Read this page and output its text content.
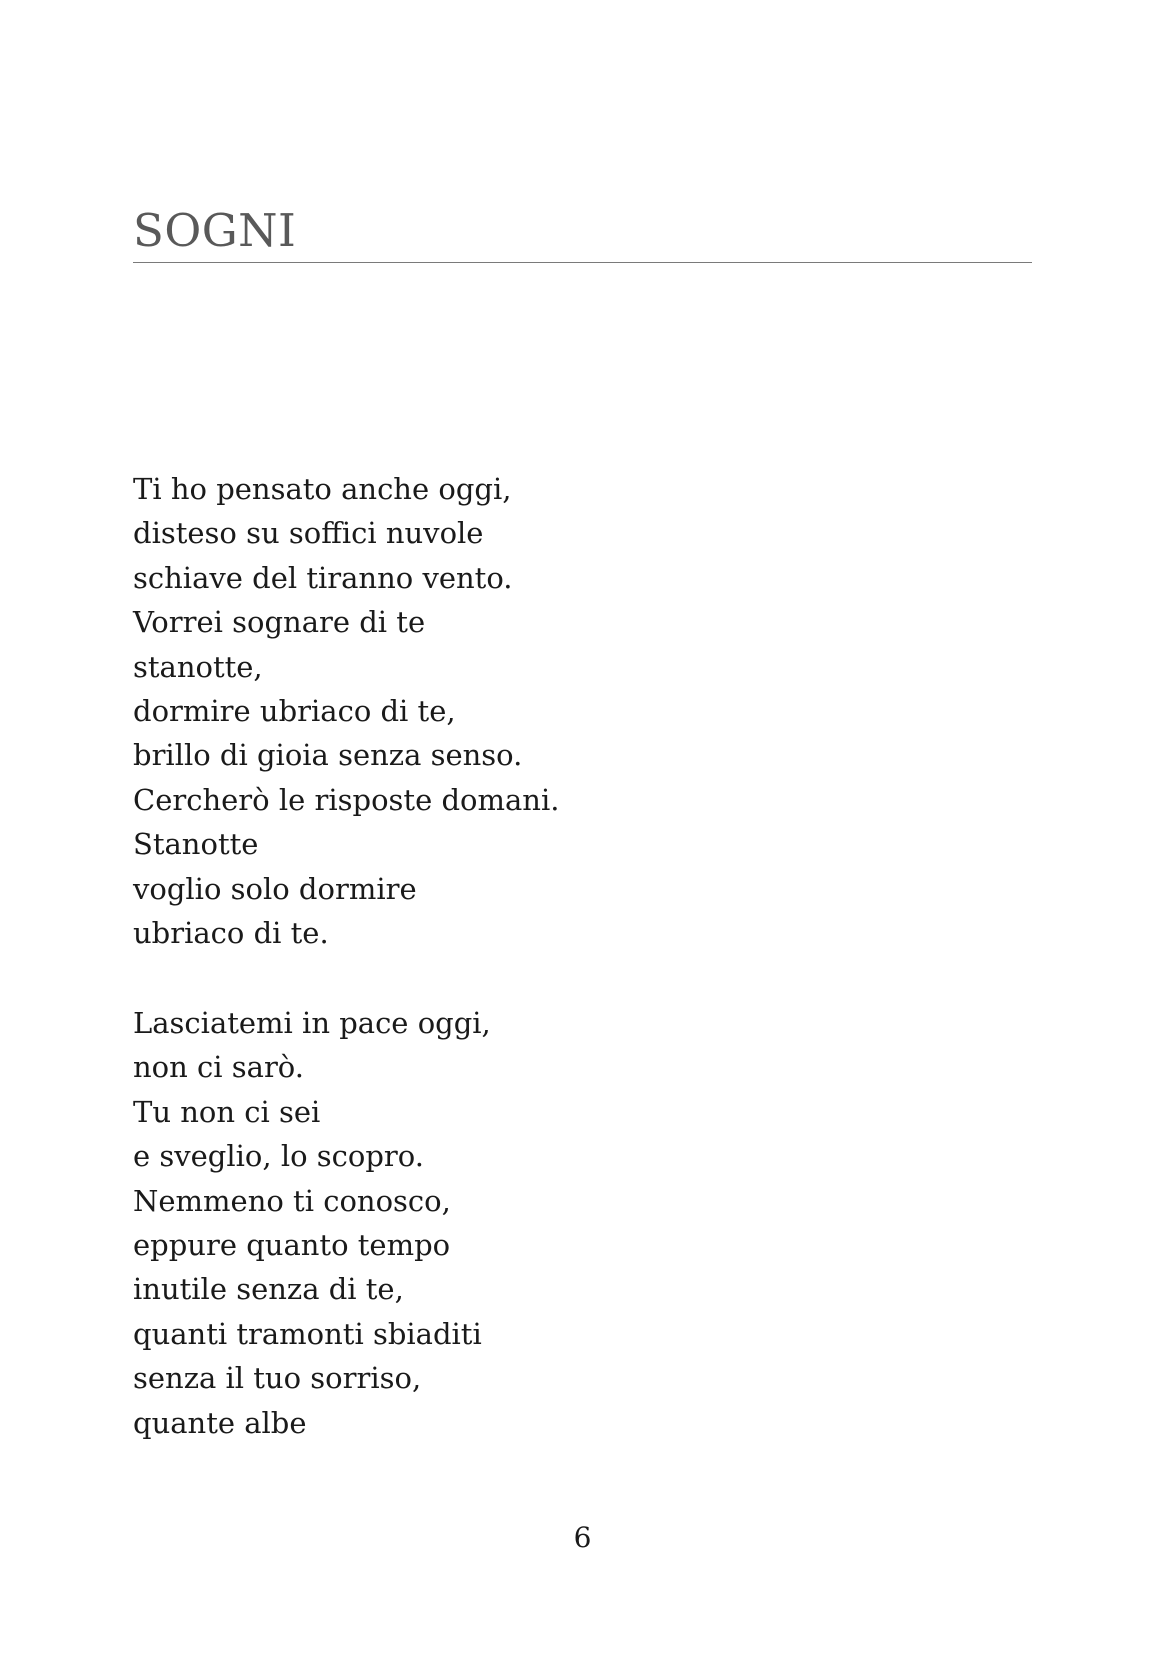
SOGNI
Ti ho pensato anche oggi,
disteso su soffici nuvole
schiave del tiranno vento.
Vorrei sognare di te
stanotte,
dormire ubriaco di te,
brillo di gioia senza senso.
Cercherò le risposte domani.
Stanotte
voglio solo dormire
ubriaco di te.
Lasciatemi in pace oggi,
non ci sarò.
Tu non ci sei
e sveglio, lo scopro.
Nemmeno ti conosco,
eppure quanto tempo
inutile senza di te,
quanti tramonti sbiaditi
senza il tuo sorriso,
quante albe
6
